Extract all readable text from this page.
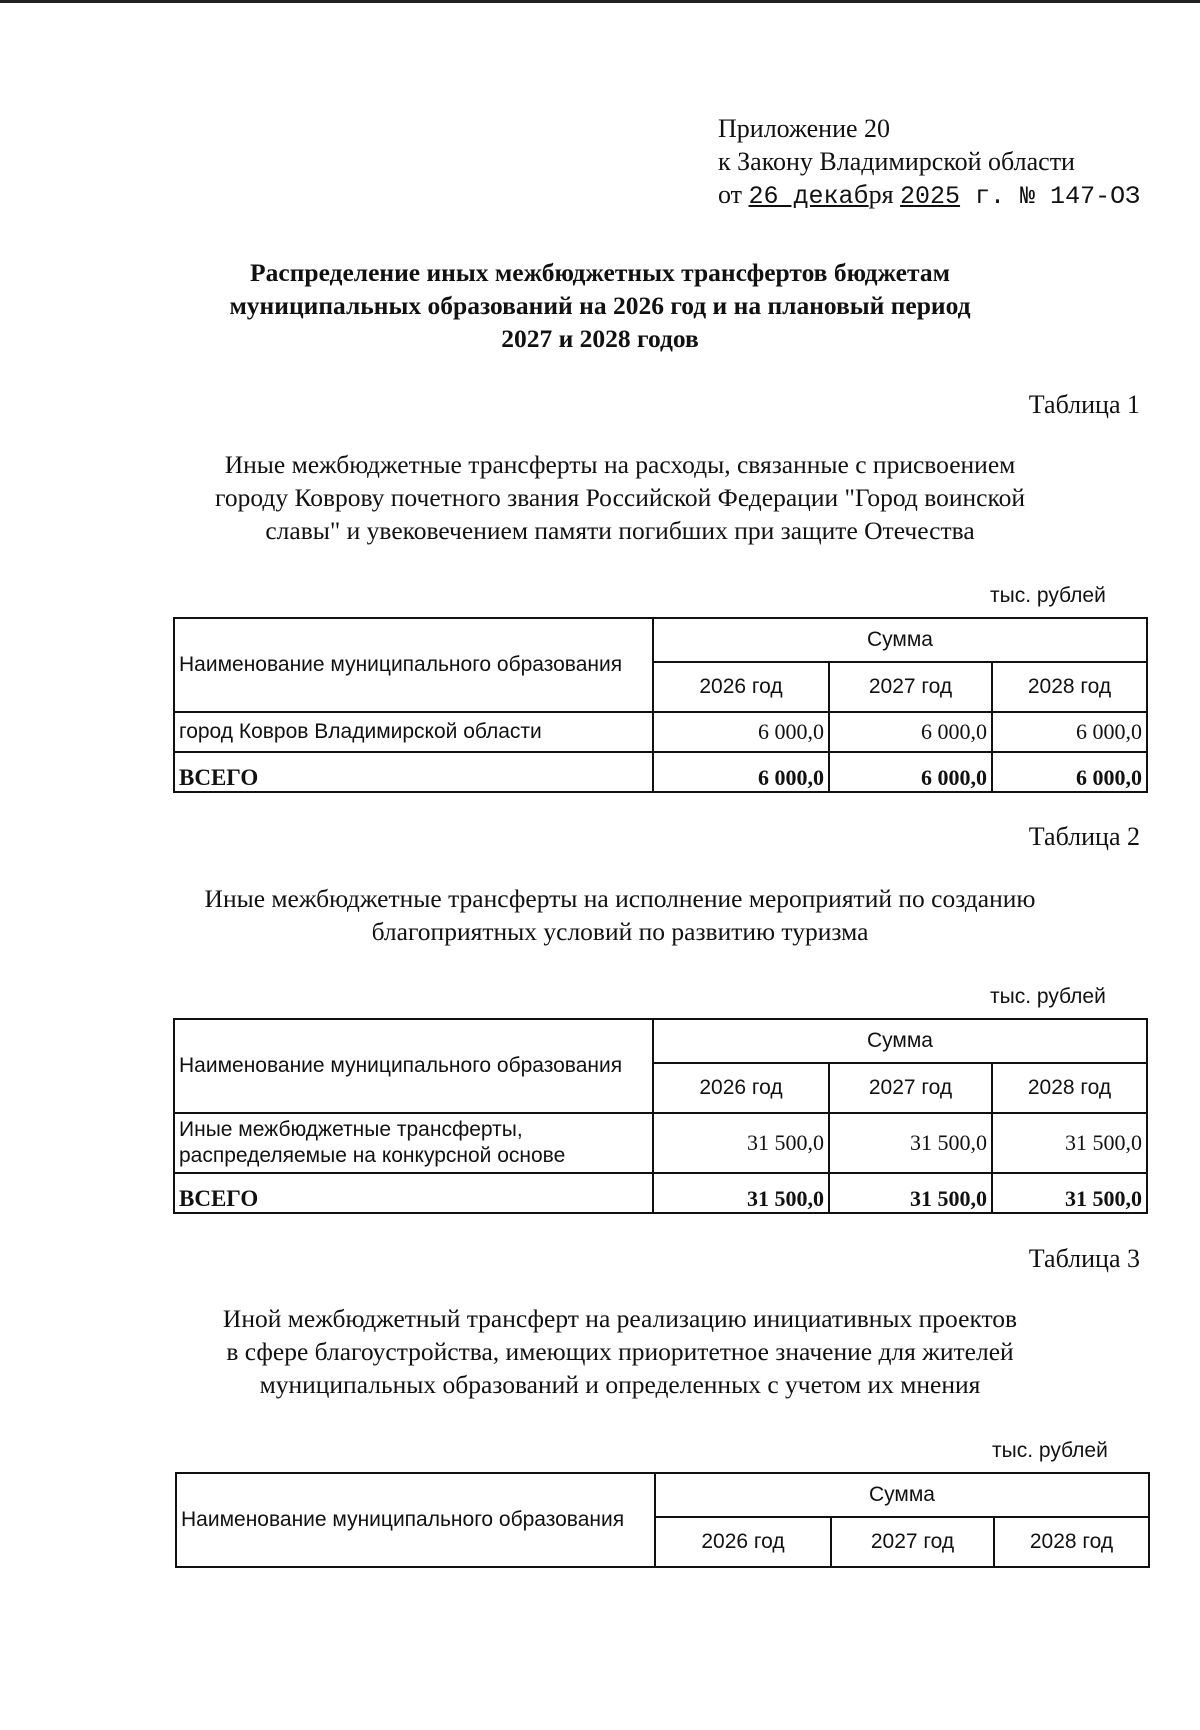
Приложение 20
к Закону Владимирской области
от 26 декабря 2025 г. № 147-ОЗ
Распределение иных межбюджетных трансфертов бюджетам
муниципальных образований на 2026 год и на плановый период
2027 и 2028 годов
Таблица 1
Иные межбюджетные трансферты на расходы, связанные с присвоением
городу Коврову почетного звания Российской Федерации "Город воинской
славы" и увековечением памяти погибших при защите Отечества
тыс. рублей
Наименование муниципального образования	Сумма		
	2026 год	2027 год	2028 год
город Ковров Владимирской области	6 000,0	6 000,0	6 000,0
ВСЕГО	6 000,0	6 000,0	6 000,0
Таблица 2
Иные межбюджетные трансферты на исполнение мероприятий по созданию
благоприятных условий по развитию туризма
тыс. рублей
Наименование муниципального образования	Сумма		
	2026 год	2027 год	2028 год

Иные межбюджетные трансферты,
распределяемые на конкурсной основе	31 500,0	31 500,0	31 500,0
ВСЕГО	31 500,0	31 500,0	31 500,0
Таблица 3
Иной межбюджетный трансферт на реализацию инициативных проектов
в сфере благоустройства, имеющих приоритетное значение для жителей
муниципальных образований и определенных с учетом их мнения
тыс. рублей
Наименование муниципального образования	Сумма		
	2026 год	2027 год	2028 год
